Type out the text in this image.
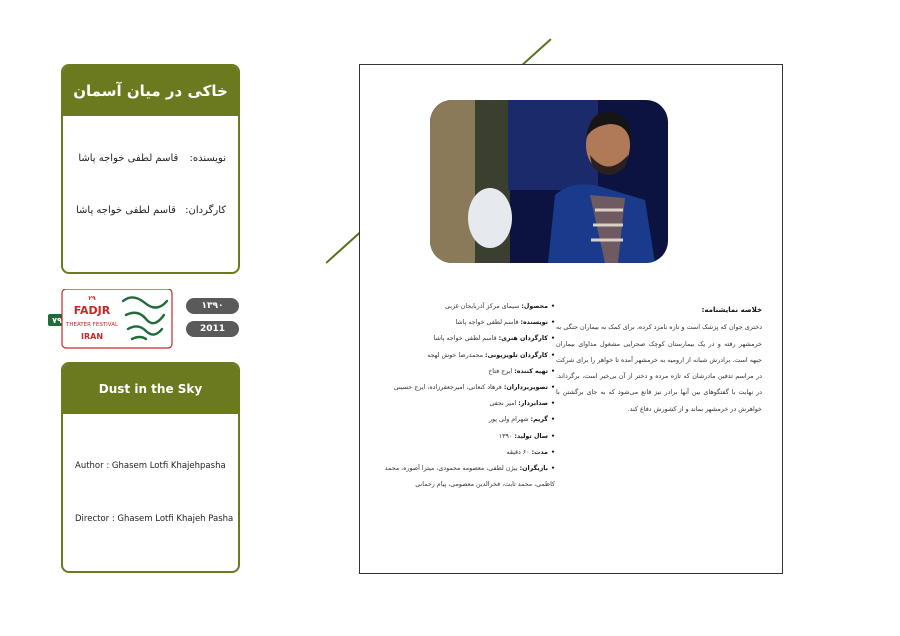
خاکی در میان آسمان
نویسنده: قاسم لطفی خواجه پاشا
کارگردان: قاسم لطفی خواجه پاشا
۷۹
۲۹
FADJR
THEATER FESTIVAL
IRAN
۱۳۹۰
2011
Dust in the Sky
Author : Ghasem Lotfi Khajehpasha
Director : Ghasem Lotfi Khajeh Pasha
خلاصه نمایشنامه:
دختری جوان که پزشک است و تازه نامزد کرده، برای کمک به بیماران جنگی به خرمشهر رفته و در یک بیمارستان کوچک صحرایی مشغول مداوای بیماران جبهه است. برادرش شبانه از ارومیه به خرمشهر آمده تا خواهر را برای شرکت در مراسم تدفین مادرشان که تازه مرده و دختر از آن بی‌خبر است، برگرداند. در نهایت با گفتگوهای بین آنها برادر نیز قانع می‌شود که به جای برگشتن با خواهرش در خرمشهر بماند و از کشورش دفاع کند.
• محصول: سیمای مرکز آذربایجان غربی
• نویسنده: قاسم لطفی خواجه پاشا
• کارگردان هنری: قاسم لطفی خواجه پاشا
• کارگردان تلویزیونی: محمدرضا خوش لهجه
• تهیه کننده: ایرج فتاح
• تصویربرداران: فرهاد کنعانی، امیرجعفرزاده، ایرج حسینی
• صدابردار: امیر نجفی
• گریم: شهرام ولی پور
• سال تولید: ۱۳۹۰
• مدت: ۶۰ دقیقه
• بازیگران: بیژن لطفی، معصومه محمودی، میترا آصوره، محمد کاظمی، محمد ثابت، فخرالدین معصومی، پیام رحمانی
